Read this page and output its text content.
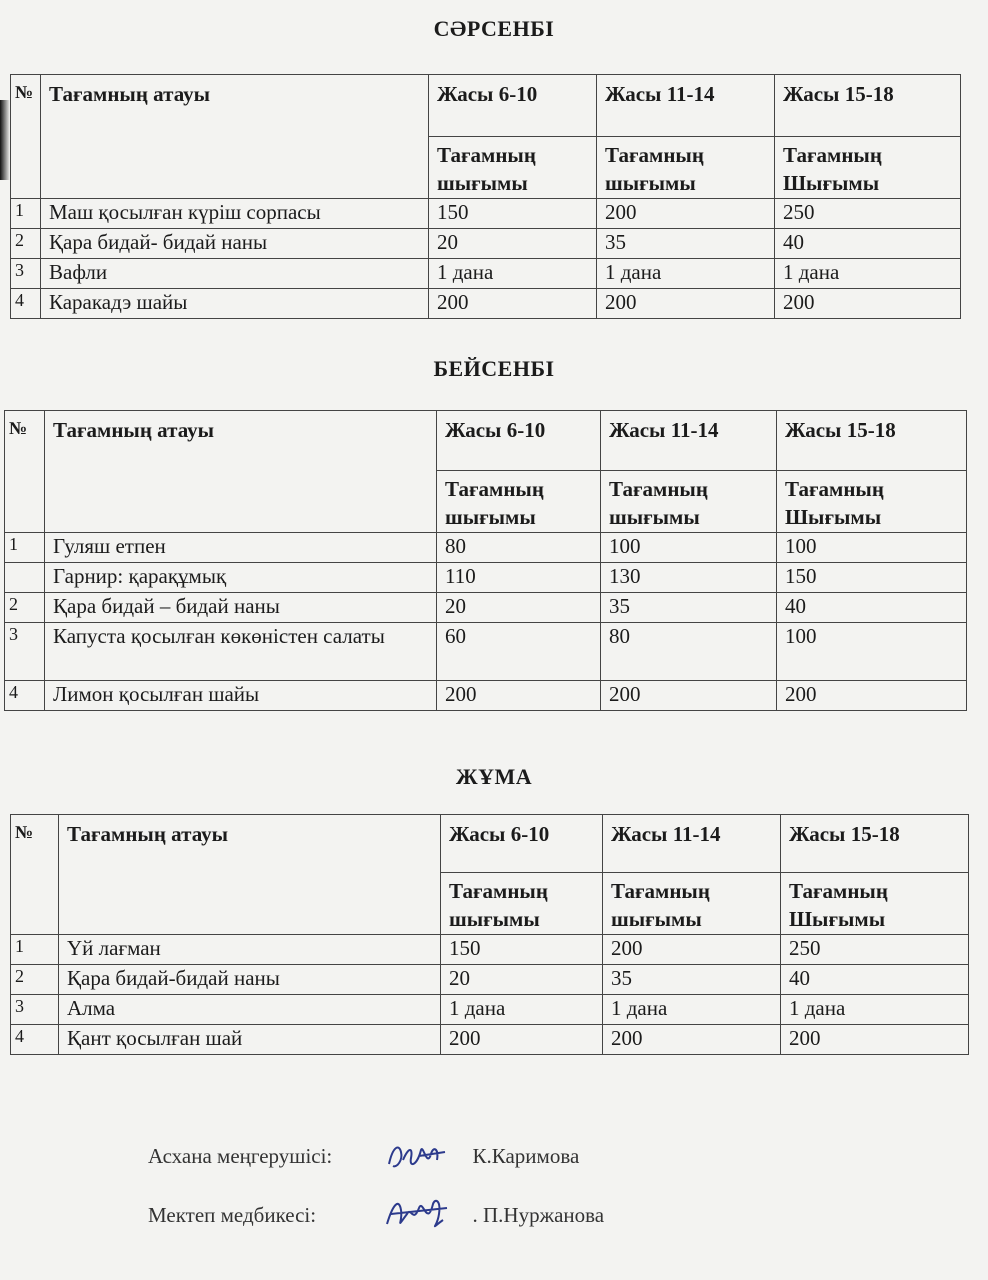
СӘРСЕНБІ
№	Тағамның атауы	Жасы 6-10	Жасы 11-14	Жасы 15-18
		Тағамның шығымы	Тағамның шығымы	Тағамның Шығымы
1	Маш қосылған күріш сорпасы	150	200	250
2	Қара бидай- бидай наны	20	35	40
3	Вафли	1 дана	1 дана	1 дана
4	Каракадэ шайы	200	200	200
БЕЙСЕНБІ
№	Тағамның атауы	Жасы 6-10	Жасы 11-14	Жасы 15-18
		Тағамның шығымы	Тағамның шығымы	Тағамның Шығымы
1	Гуляш етпен	80	100	100
	Гарнир: қарақұмық	110	130	150
2	Қара бидай – бидай наны	20	35	40
3	Капуста қосылған көкөністен салаты	60	80	100
4	Лимон қосылған шайы	200	200	200
ЖҰМА
№	Тағамның атауы	Жасы 6-10	Жасы 11-14	Жасы 15-18
		Тағамның шығымы	Тағамның шығымы	Тағамның Шығымы
1	Үй лағман	150	200	250
2	Қара бидай-бидай наны	20	35	40
3	Алма	1 дана	1 дана	1 дана
4	Қант қосылған шай	200	200	200
Асхана меңгерушісі:	К.Каримова
Мектеп медбикесі:	. П.Нуржанова
